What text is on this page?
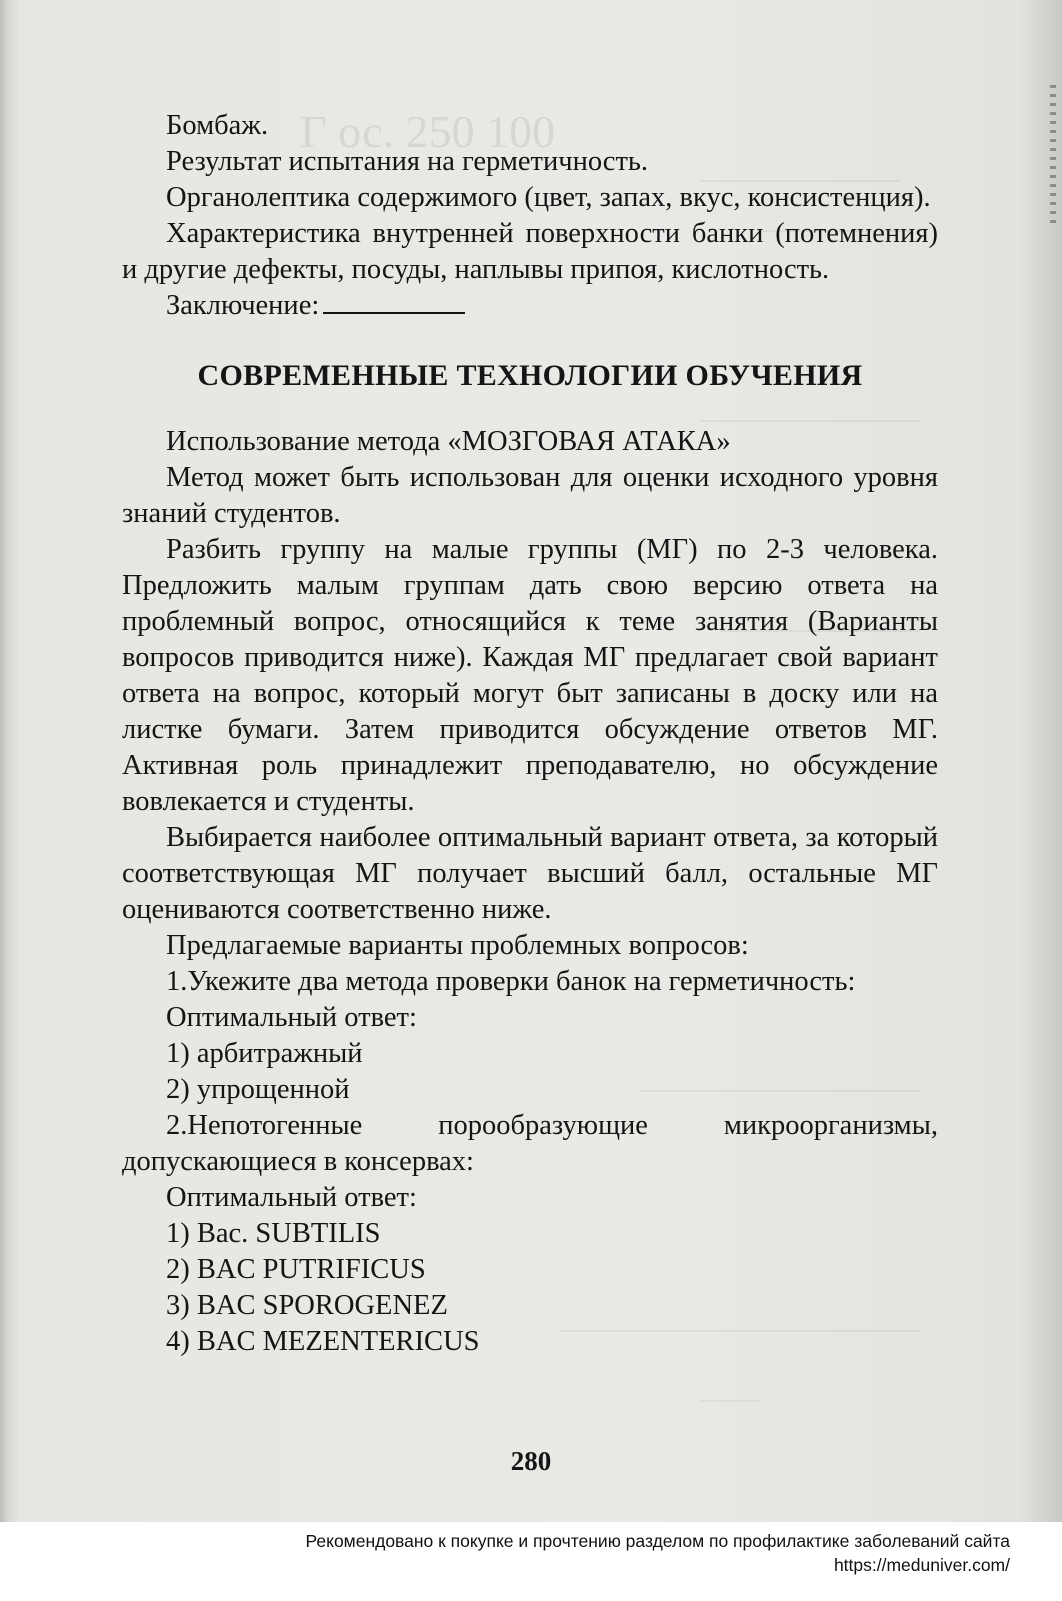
Г ос. 250 100

Бомбаж.

Результат испытания на герметичность.

Органолептика содержимого (цвет, запах, вкус, консистенция).

Характеристика внутренней поверхности банки (потемнения) и другие дефекты, посуды, наплывы припоя, кислотность.

Заключение:

СОВРЕМЕННЫЕ ТЕХНОЛОГИИ ОБУЧЕНИЯ

Использование метода «МОЗГОВАЯ АТАКА»

Метод может быть использован для оценки исходного уровня знаний студентов.

Разбить группу на малые группы (МГ) по 2-3 человека. Предложить малым группам дать свою версию ответа на проблемный вопрос, относящийся к теме занятия (Варианты вопросов приводится ниже). Каждая МГ предлагает свой вариант ответа на вопрос, который могут быт записаны в доску или на листке бумаги. Затем приводится обсуждение ответов МГ. Активная роль принадлежит преподавателю, но обсуждение вовлекается и студенты.

Выбирается наиболее оптимальный вариант ответа, за который соответствующая МГ получает высший балл, остальные МГ оцениваются соответственно ниже.

Предлагаемые варианты проблемных вопросов:

1.Укежите два метода проверки банок на герметичность:

Оптимальный ответ:

1) арбитражный

2) упрощенной

2.Непотогенные порообразующие микроорганизмы, допускающиеся в консервах:

Оптимальный ответ:

1) Bac. SUBTILIS

2) BAC PUTRIFICUS

3) BAC SPOROGENEZ

4) BAC MEZENTERICUS

280
Рекомендовано к покупке и прочтению разделом по профилактике заболеваний сайта https://meduniver.com/
